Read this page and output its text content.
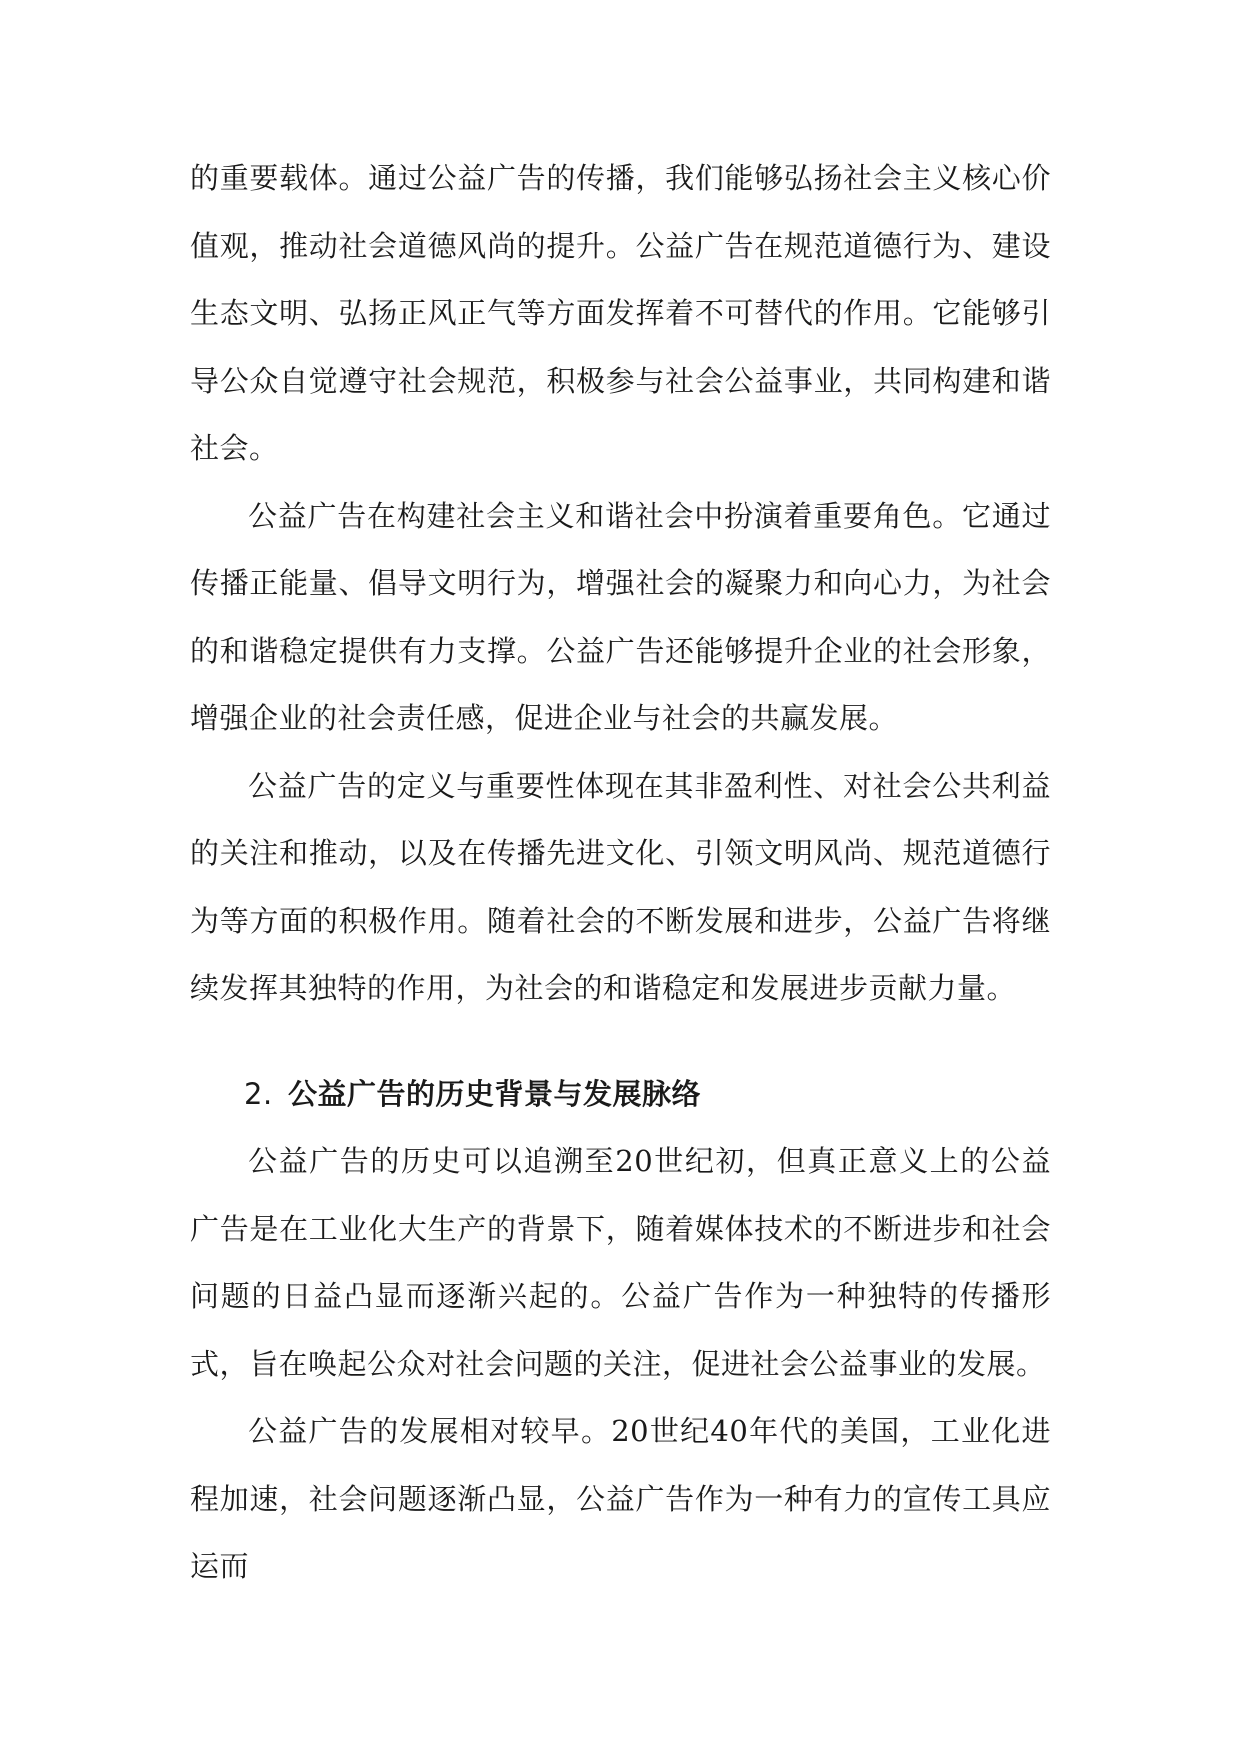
的重要载体。通过公益广告的传播，我们能够弘扬社会主义核心价值观，推动社会道德风尚的提升。公益广告在规范道德行为、建设生态文明、弘扬正风正气等方面发挥着不可替代的作用。它能够引导公众自觉遵守社会规范，积极参与社会公益事业，共同构建和谐社会。

公益广告在构建社会主义和谐社会中扮演着重要角色。它通过传播正能量、倡导文明行为，增强社会的凝聚力和向心力，为社会的和谐稳定提供有力支撑。公益广告还能够提升企业的社会形象，增强企业的社会责任感，促进企业与社会的共赢发展。

公益广告的定义与重要性体现在其非盈利性、对社会公共利益的关注和推动，以及在传播先进文化、引领文明风尚、规范道德行为等方面的积极作用。随着社会的不断发展和进步，公益广告将继续发挥其独特的作用，为社会的和谐稳定和发展进步贡献力量。

2. 公益广告的历史背景与发展脉络

公益广告的历史可以追溯至20世纪初，但真正意义上的公益广告是在工业化大生产的背景下，随着媒体技术的不断进步和社会问题的日益凸显而逐渐兴起的。公益广告作为一种独特的传播形式，旨在唤起公众对社会问题的关注，促进社会公益事业的发展。

公益广告的发展相对较早。20世纪40年代的美国，工业化进程加速，社会问题逐渐凸显，公益广告作为一种有力的宣传工具应运而
